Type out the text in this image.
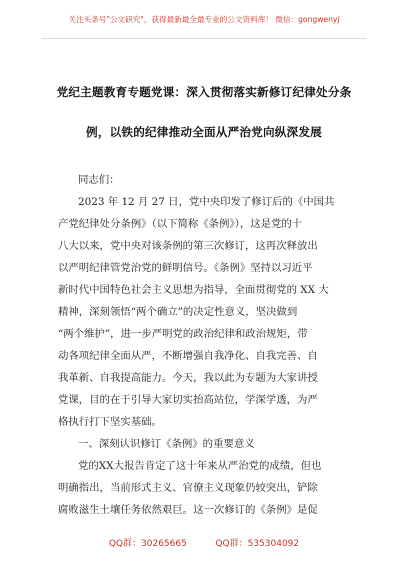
关注头条号"公文研究"，获得最新最全最专业的公文资料库！ 微信：gongwenyj
党纪主题教育专题党课：深入贯彻落实新修订纪律处分条
例，以铁的纪律推动全面从严治党向纵深发展
同志们：
2023 年 12 月 27 日，党中央印发了修订后的《中国共
产党纪律处分条例》（以下简称《条例》），这是党的十
八大以来，党中央对该条例的第三次修订，这再次释放出
以严明纪律管党治党的鲜明信号。《条例》坚持以习近平
新时代中国特色社会主义思想为指导，全面贯彻党的 XX 大
精神，深刻领悟“两个确立”的决定性意义，坚决做到
“两个维护”，进一步严明党的政治纪律和政治规矩，带
动各项纪律全面从严，不断增强自我净化、自我完善、自
我革新、自我提高能力。今天，我以此为专题为大家讲授
党课，目的在于引导大家切实抬高站位，学深学透，为严
格执行打下坚实基础。
一、深刻认识修订《条例》的重要意义
党的XX大报告肯定了这十年来从严治党的成绩，但也
明确指出，当前形式主义、官僚主义现象仍较突出，铲除
腐败滋生土壤任务依然艰巨。这一次修订的《条例》是促
QQ群：30265665          QQ群：535304092
